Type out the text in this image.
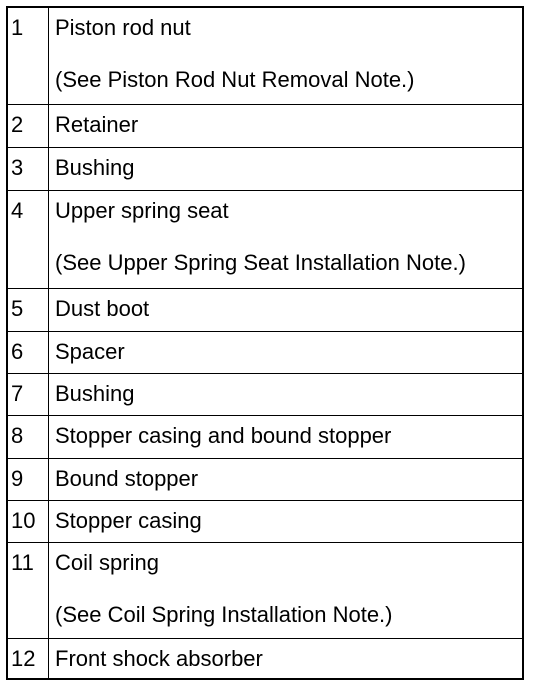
1	Piston rod nut
(See Piston Rod Nut Removal Note.)

2	Retainer
3	Bushing
4	Upper spring seat
(See Upper Spring Seat Installation Note.)

5	Dust boot
6	Spacer
7	Bushing
8	Stopper casing and bound stopper
9	Bound stopper
10	Stopper casing
11	Coil spring
(See Coil Spring Installation Note.)

12	Front shock absorber
